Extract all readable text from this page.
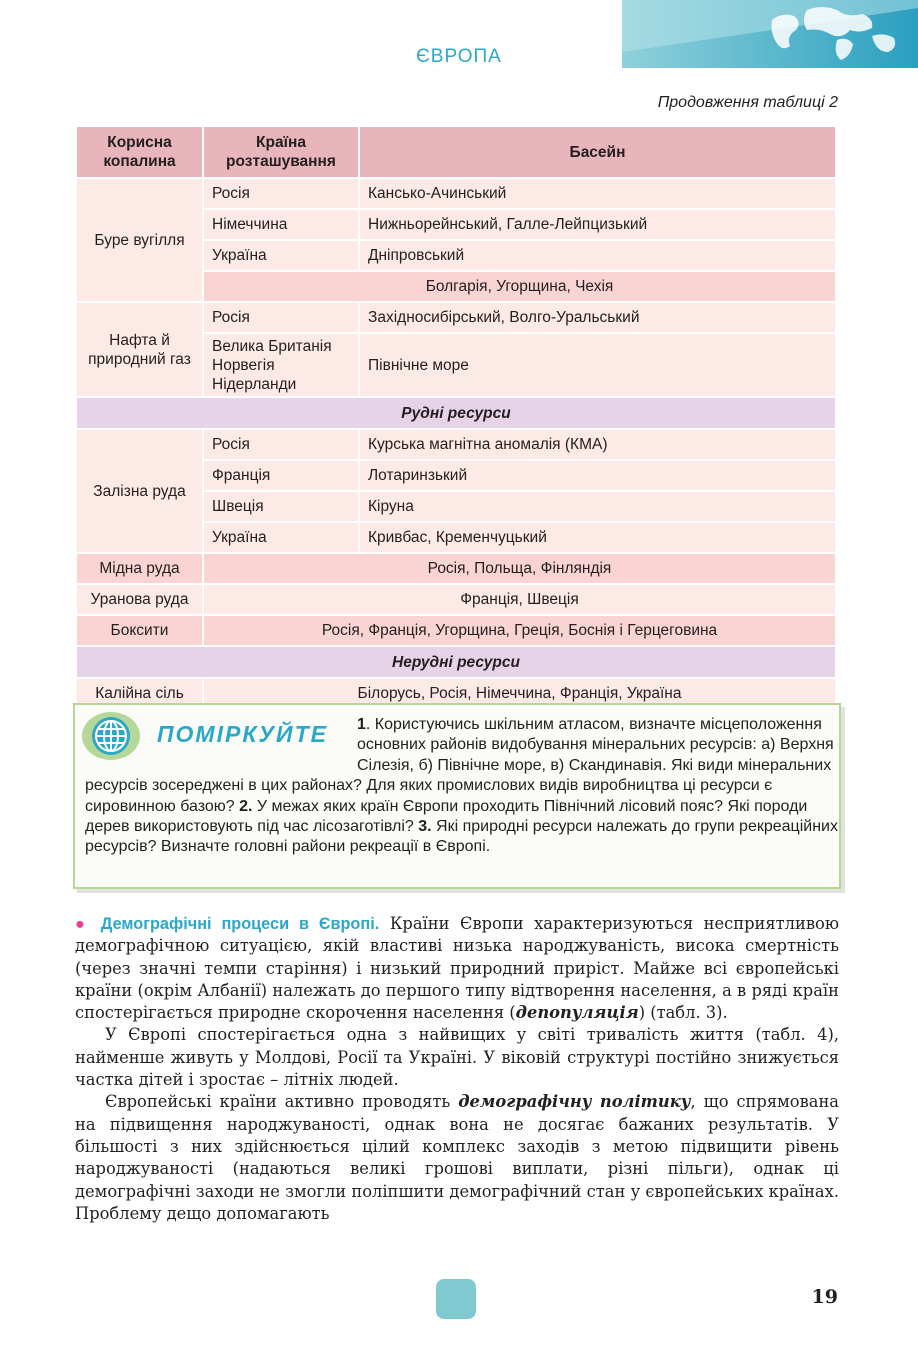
ЄВРОПА
Продовження таблиці 2
Корисна копалина	Країна розташування	Басейн
Буре вугілля	Росія	Кансько-Ачинський
	Німеччина	Нижньорейнський, Галле-Лейпцизький
	Україна	Дніпровський
	Болгарія, Угорщина, Чехія	
Нафта й природний газ	Росія	Західносибірський, Волго-Уральський
	Велика Британія Норвегія Нідерланди	Північне море
Рудні ресурси		
Залізна руда	Росія	Курська магнітна аномалія (КМА)
	Франція	Лотаринзький
	Швеція	Кіруна
	Україна	Кривбас, Кременчуцький
Мідна руда	Росія, Польща, Фінляндія	
Уранова руда	Франція, Швеція	
Боксити	Росія, Франція, Угорщина, Греція, Боснія і Герцеговина	
Нерудні ресурси		
Калійна сіль	Білорусь, Росія, Німеччина, Франція, Україна	
ПОМІРКУЙТЕ	1. Користуючись шкільним атласом, визначте місцеположення основних районів видобування мінеральних ресурсів: а) Верхня Сілезія, б) Північне море, в) Скандинавія. Які види мінеральних ресурсів зосереджені в цих районах? Для яких промислових видів виробництва ці ресурси є сировинною базою? 2. У межах яких країн Європи проходить Північний лісовий пояс? Які породи дерев використовують під час лісозаготівлі? 3. Які природні ресурси належать до групи рекреаційних ресурсів? Визначте головні райони рекреації в Європі.

● Демографічні процеси в Європі. Країни Європи характеризуються несприятливою демографічною ситуацією, якій властиві низька народжуваність, висока смертність (через значні темпи старіння) і низький природний приріст. Майже всі європейські країни (окрім Албанії) належать до першого типу відтворення населення, а в ряді країн спостерігається природне скорочення населення (депопуляція) (табл. 3).

У Європі спостерігається одна з найвищих у світі тривалість життя (табл. 4), найменше живуть у Молдові, Росії та Україні. У віковій структурі постійно знижується частка дітей і зростає – літніх людей.

Європейські країни активно проводять демографічну політику, що спрямована на підвищення народжуваності, однак вона не досягає бажаних результатів. У більшості з них здійснюється цілий комплекс заходів з метою підвищити рівень народжуваності (надаються великі грошові виплати, різні пільги), однак ці демографічні заходи не змогли поліпшити демографічний стан у європейських країнах. Проблему дещо допомагають

19
